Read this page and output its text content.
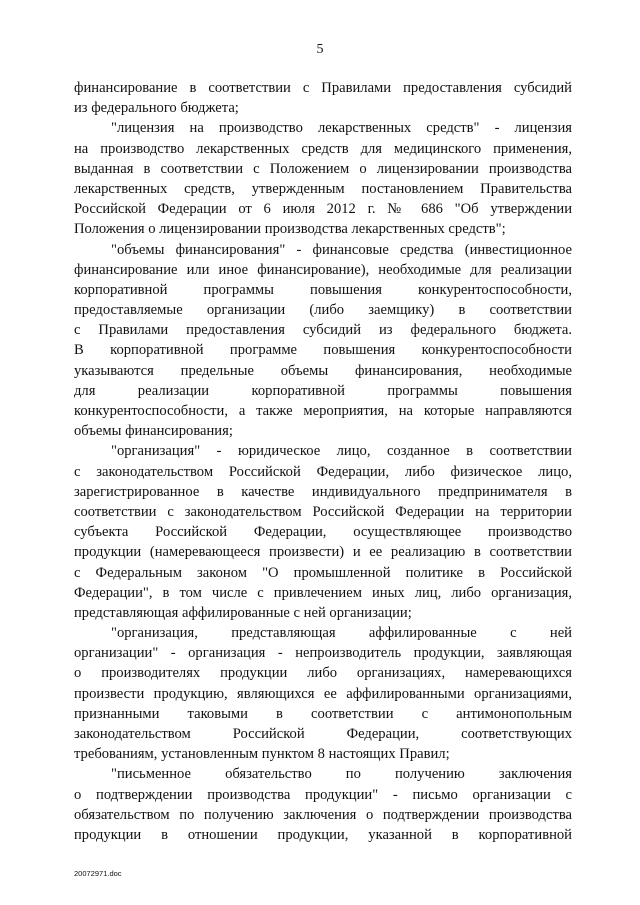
5
финансирование в соответствии с Правилами предоставления субсидий
из федерального бюджета;
"лицензия на производство лекарственных средств" - лицензия
на производство лекарственных средств для медицинского применения,
выданная в соответствии с Положением о лицензировании производства
лекарственных средств, утвержденным постановлением Правительства
Российской Федерации от 6 июля 2012 г. № 686 "Об утверждении
Положения о лицензировании производства лекарственных средств";
"объемы финансирования" - финансовые средства (инвестиционное
финансирование или иное финансирование), необходимые для реализации
корпоративной программы повышения конкурентоспособности,
предоставляемые организации (либо заемщику) в соответствии
с Правилами предоставления субсидий из федерального бюджета.
В корпоративной программе повышения конкурентоспособности
указываются предельные объемы финансирования, необходимые
для реализации корпоративной программы повышения
конкурентоспособности, а также мероприятия, на которые направляются
объемы финансирования;
"организация" - юридическое лицо, созданное в соответствии
с законодательством Российской Федерации, либо физическое лицо,
зарегистрированное в качестве индивидуального предпринимателя в
соответствии с законодательством Российской Федерации на территории
субъекта Российской Федерации, осуществляющее производство
продукции (намеревающееся произвести) и ее реализацию в соответствии
с Федеральным законом "О промышленной политике в Российской
Федерации", в том числе с привлечением иных лиц, либо организация,
представляющая аффилированные с ней организации;
"организация, представляющая аффилированные с ней
организации" - организация - непроизводитель продукции, заявляющая
о производителях продукции либо организациях, намеревающихся
произвести продукцию, являющихся ее аффилированными организациями,
признанными таковыми в соответствии с антимонопольным
законодательством Российской Федерации, соответствующих
требованиям, установленным пунктом 8 настоящих Правил;
"письменное обязательство по получению заключения
о подтверждении производства продукции" - письмо организации с
обязательством по получению заключения о подтверждении производства
продукции в отношении продукции, указанной в корпоративной
20072971.doc
